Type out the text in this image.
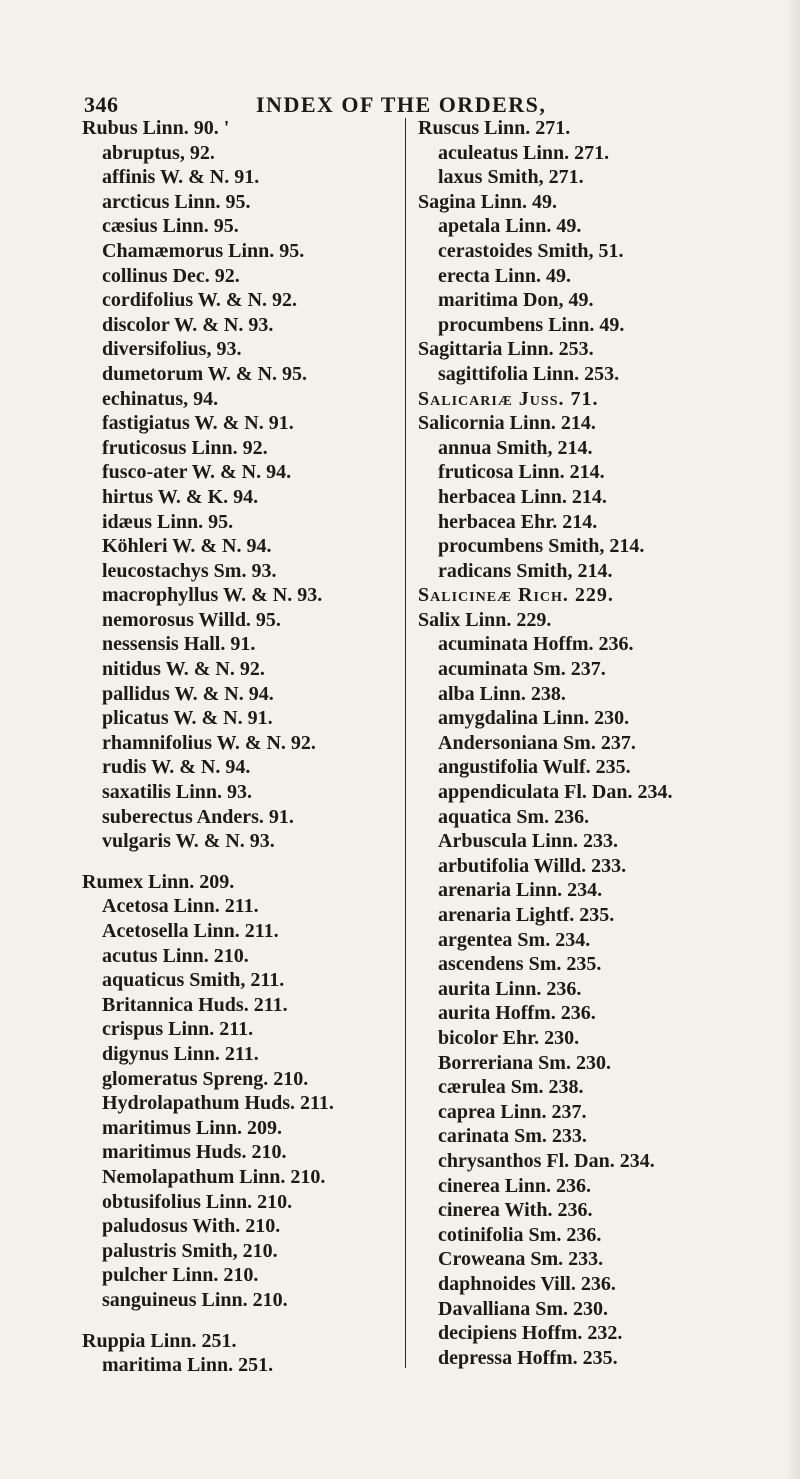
346	INDEX OF THE ORDERS,
Rubus Linn. 90. '
abruptus, 92.
affinis W. & N. 91.
arcticus Linn. 95.
cæsius Linn. 95.
Chamæmorus Linn. 95.
collinus Dec. 92.
cordifolius W. & N. 92.
discolor W. & N. 93.
diversifolius, 93.
dumetorum W. & N. 95.
echinatus, 94.
fastigiatus W. & N. 91.
fruticosus Linn. 92.
fusco-ater W. & N. 94.
hirtus W. & K. 94.
idæus Linn. 95.
Köhleri W. & N. 94.
leucostachys Sm. 93.
macrophyllus W. & N. 93.
nemorosus Willd. 95.
nessensis Hall. 91.
nitidus W. & N. 92.
pallidus W. & N. 94.
plicatus W. & N. 91.
rhamnifolius W. & N. 92.
rudis W. & N. 94.
saxatilis Linn. 93.
suberectus Anders. 91.
vulgaris W. & N. 93.
Rumex Linn. 209.
Acetosa Linn. 211.
Acetosella Linn. 211.
acutus Linn. 210.
aquaticus Smith, 211.
Britannica Huds. 211.
crispus Linn. 211.
digynus Linn. 211.
glomeratus Spreng. 210.
Hydrolapathum Huds. 211.
maritimus Linn. 209.
maritimus Huds. 210.
Nemolapathum Linn. 210.
obtusifolius Linn. 210.
paludosus With. 210.
palustris Smith, 210.
pulcher Linn. 210.
sanguineus Linn. 210.
Ruppia Linn. 251.
maritima Linn. 251.
Ruscus Linn. 271.
aculeatus Linn. 271.
laxus Smith, 271.
Sagina Linn. 49.
apetala Linn. 49.
cerastoides Smith, 51.
erecta Linn. 49.
maritima Don, 49.
procumbens Linn. 49.
Sagittaria Linn. 253.
sagittifolia Linn. 253.
Salicariæ Juss. 71.
Salicornia Linn. 214.
annua Smith, 214.
fruticosa Linn. 214.
herbacea Linn. 214.
herbacea Ehr. 214.
procumbens Smith, 214.
radicans Smith, 214.
Salicineæ Rich. 229.
Salix Linn. 229.
acuminata Hoffm. 236.
acuminata Sm. 237.
alba Linn. 238.
amygdalina Linn. 230.
Andersoniana Sm. 237.
angustifolia Wulf. 235.
appendiculata Fl. Dan. 234.
aquatica Sm. 236.
Arbuscula Linn. 233.
arbutifolia Willd. 233.
arenaria Linn. 234.
arenaria Lightf. 235.
argentea Sm. 234.
ascendens Sm. 235.
aurita Linn. 236.
aurita Hoffm. 236.
bicolor Ehr. 230.
Borreriana Sm. 230.
cærulea Sm. 238.
caprea Linn. 237.
carinata Sm. 233.
chrysanthos Fl. Dan. 234.
cinerea Linn. 236.
cinerea With. 236.
cotinifolia Sm. 236.
Croweana Sm. 233.
daphnoides Vill. 236.
Davalliana Sm. 230.
decipiens Hoffm. 232.
depressa Hoffm. 235.
